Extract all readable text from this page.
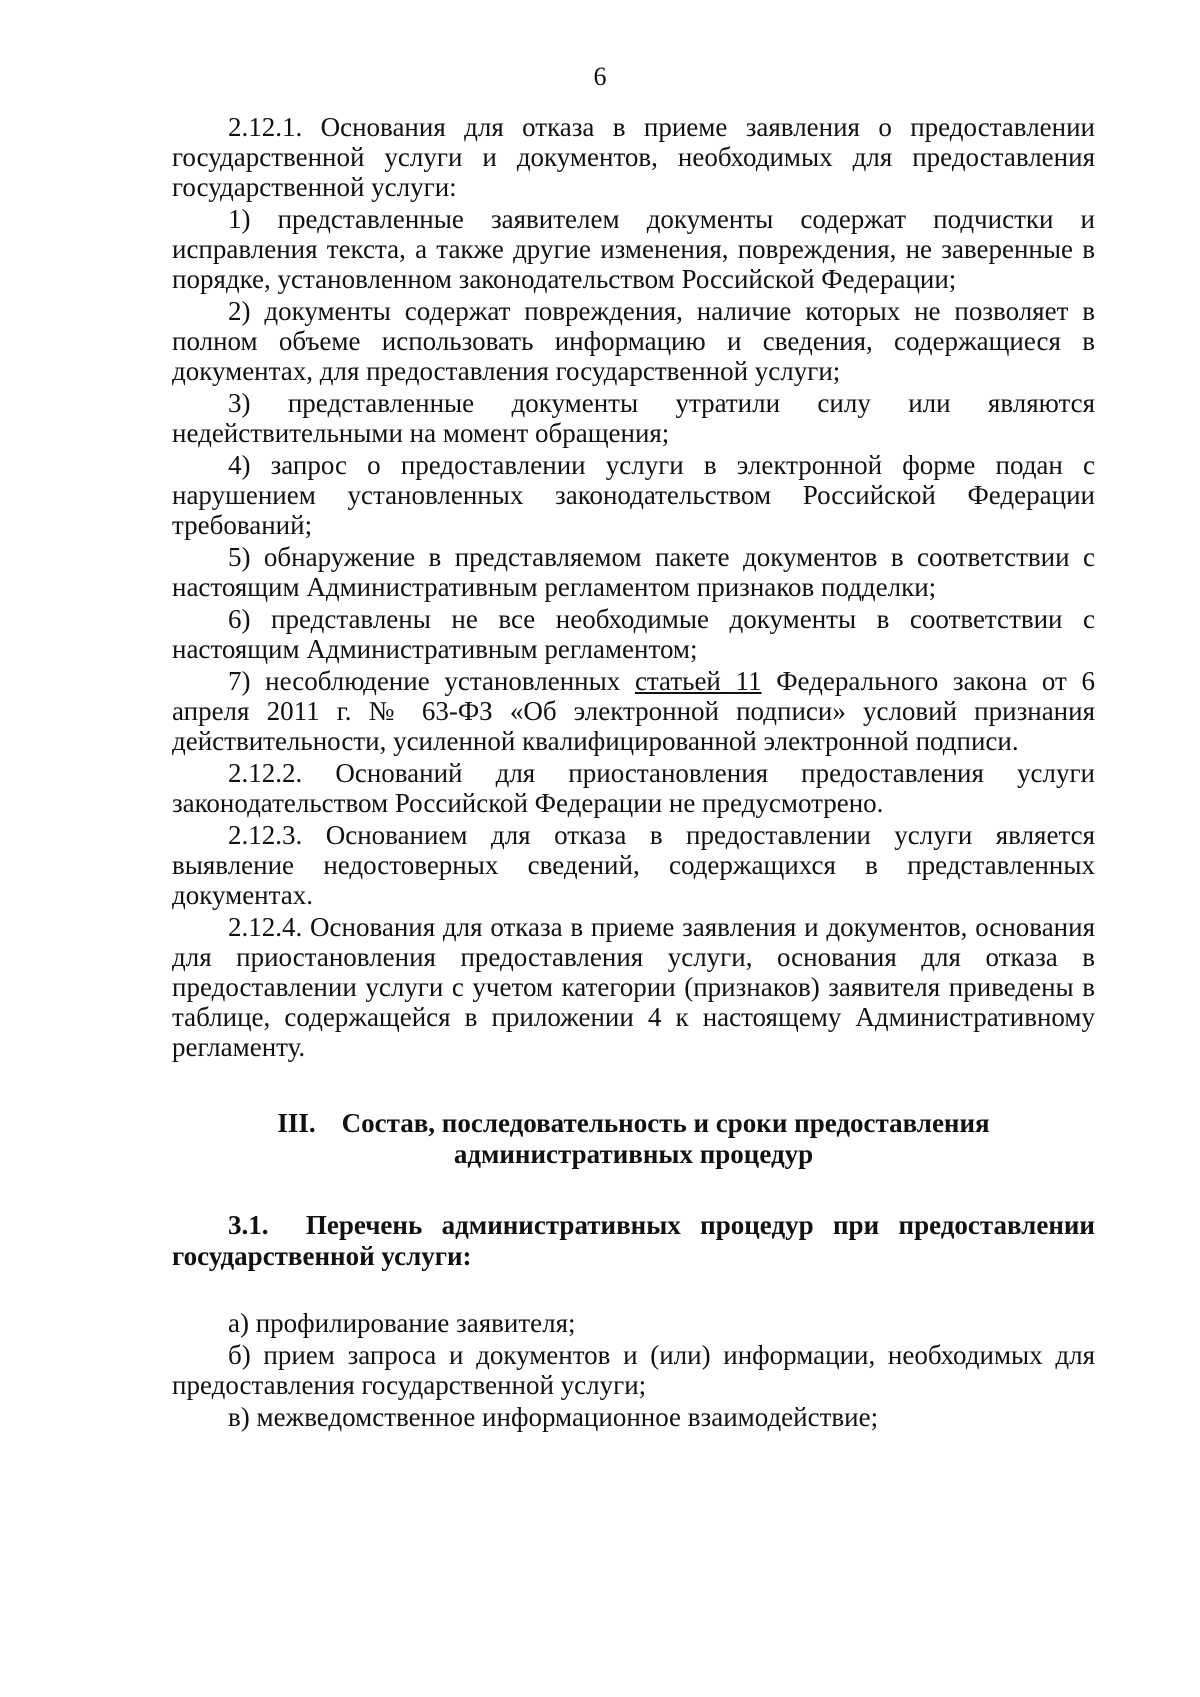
6

2.12.1. Основания для отказа в приеме заявления о предоставлении государственной услуги и документов, необходимых для предоставления государственной услуги:

1) представленные заявителем документы содержат подчистки и исправления текста, а также другие изменения, повреждения, не заверенные в порядке, установленном законодательством Российской Федерации;

2) документы содержат повреждения, наличие которых не позволяет в полном объеме использовать информацию и сведения, содержащиеся в документах, для предоставления государственной услуги;

3) представленные документы утратили силу или являются недействительными на момент обращения;

4) запрос о предоставлении услуги в электронной форме подан с нарушением установленных законодательством Российской Федерации требований;

5) обнаружение в представляемом пакете документов в соответствии с настоящим Административным регламентом признаков подделки;

6) представлены не все необходимые документы в соответствии с настоящим Административным регламентом;

7) несоблюдение установленных статьей 11 Федерального закона от 6 апреля 2011 г. № 63-ФЗ «Об электронной подписи» условий признания действительности, усиленной квалифицированной электронной подписи.

2.12.2. Оснований для приостановления предоставления услуги законодательством Российской Федерации не предусмотрено.

2.12.3. Основанием для отказа в предоставлении услуги является выявление недостоверных сведений, содержащихся в представленных документах.

2.12.4. Основания для отказа в приеме заявления и документов, основания для приостановления предоставления услуги, основания для отказа в предоставлении услуги с учетом категории (признаков) заявителя приведены в таблице, содержащейся в приложении 4 к настоящему Административному регламенту.

III. Состав, последовательность и сроки предоставления
административных процедур
3.1. Перечень административных процедур при предоставлении государственной услуги:

а) профилирование заявителя;

б) прием запроса и документов и (или) информации, необходимых для предоставления государственной услуги;

в) межведомственное информационное взаимодействие;
